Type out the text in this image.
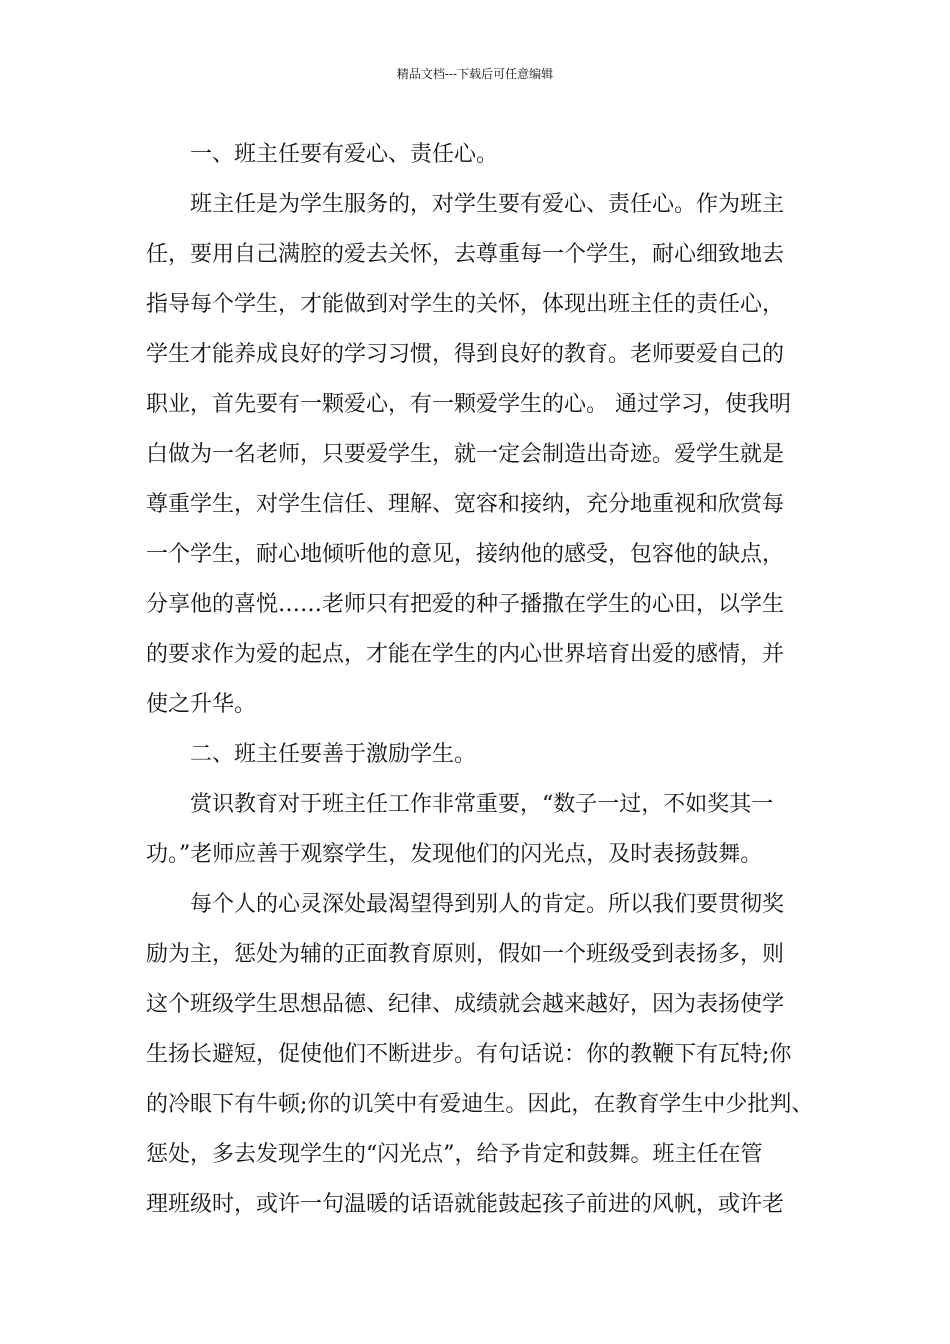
精品文档---下载后可任意编辑

一、班主任要有爱心、责任心。

班主任是为学生服务的，对学生要有爱心、责任心。作为班主
任，要用自己满腔的爱去关怀，去尊重每一个学生，耐心细致地去
指导每个学生，才能做到对学生的关怀，体现出班主任的责任心，
学生才能养成良好的学习习惯，得到良好的教育。老师要爱自己的
职业，首先要有一颗爱心，有一颗爱学生的心。 通过学习，使我明
白做为一名老师，只要爱学生，就一定会制造出奇迹。爱学生就是
尊重学生，对学生信任、理解、宽容和接纳，充分地重视和欣赏每
一个学生，耐心地倾听他的意见，接纳他的感受，包容他的缺点，
分享他的喜悦……老师只有把爱的种子播撒在学生的心田，以学生
的要求作为爱的起点，才能在学生的内心世界培育出爱的感情，并
使之升华。

二、班主任要善于激励学生。

赏识教育对于班主任工作非常重要，“数子一过，不如奖其一
功。”老师应善于观察学生，发现他们的闪光点，及时表扬鼓舞。

每个人的心灵深处最渴望得到别人的肯定。所以我们要贯彻奖
励为主，惩处为辅的正面教育原则，假如一个班级受到表扬多，则
这个班级学生思想品德、纪律、成绩就会越来越好，因为表扬使学
生扬长避短，促使他们不断进步。有句话说：你的教鞭下有瓦特;你
的冷眼下有牛顿;你的讥笑中有爱迪生。因此，在教育学生中少批判、
惩处，多去发现学生的“闪光点”，给予肯定和鼓舞。班主任在管
理班级时，或许一句温暖的话语就能鼓起孩子前进的风帆，或许老
